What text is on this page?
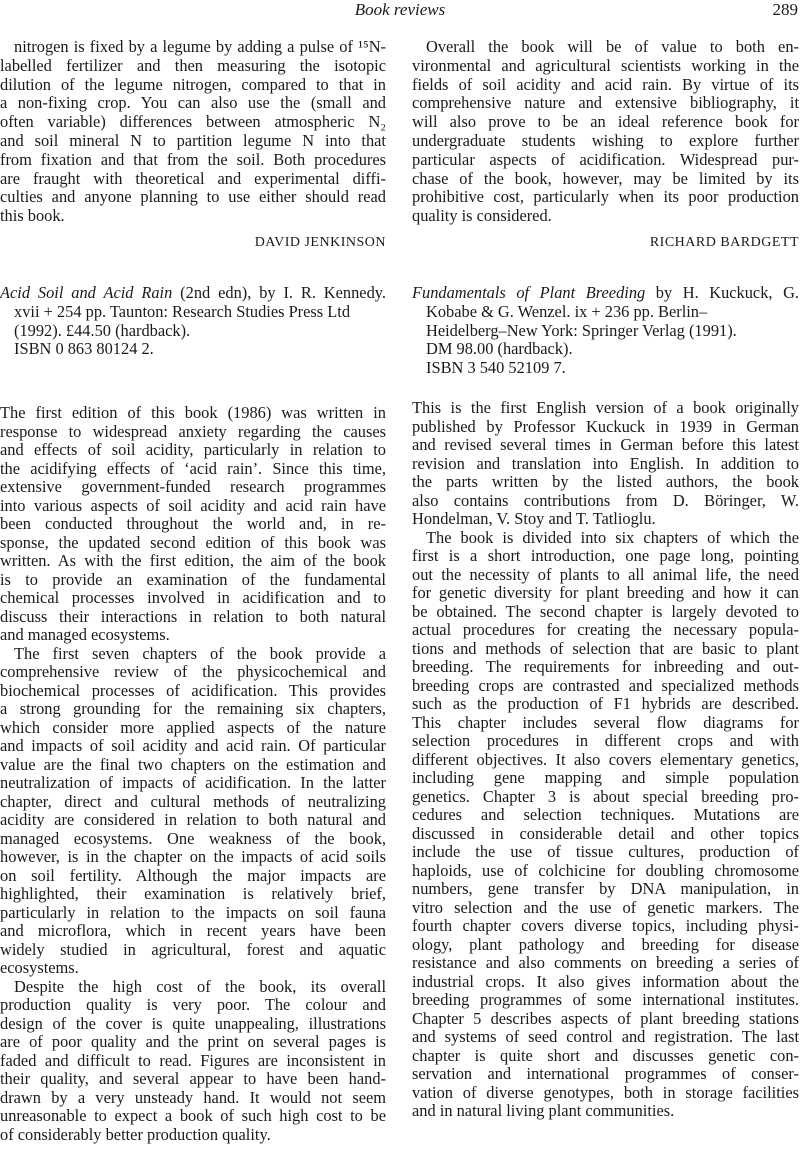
Book reviews	289
nitrogen is fixed by a legume by adding a pulse of ¹⁵N-
labelled fertilizer and then measuring the isotopic
dilution of the legume nitrogen, compared to that in
a non-fixing crop. You can also use the (small and
often variable) differences between atmospheric N₂
and soil mineral N to partition legume N into that
from fixation and that from the soil. Both procedures
are fraught with theoretical and experimental diffi-
culties and anyone planning to use either should read
this book.
DAVID JENKINSON
Acid Soil and Acid Rain (2nd edn), by I. R. Kennedy.
xvii + 254 pp. Taunton: Research Studies Press Ltd
(1992). £44.50 (hardback).
ISBN 0 863 80124 2.
The first edition of this book (1986) was written in
response to widespread anxiety regarding the causes
and effects of soil acidity, particularly in relation to
the acidifying effects of ‘acid rain’. Since this time,
extensive government-funded research programmes
into various aspects of soil acidity and acid rain have
been conducted throughout the world and, in re-
sponse, the updated second edition of this book was
written. As with the first edition, the aim of the book
is to provide an examination of the fundamental
chemical processes involved in acidification and to
discuss their interactions in relation to both natural
and managed ecosystems.
The first seven chapters of the book provide a
comprehensive review of the physicochemical and
biochemical processes of acidification. This provides
a strong grounding for the remaining six chapters,
which consider more applied aspects of the nature
and impacts of soil acidity and acid rain. Of particular
value are the final two chapters on the estimation and
neutralization of impacts of acidification. In the latter
chapter, direct and cultural methods of neutralizing
acidity are considered in relation to both natural and
managed ecosystems. One weakness of the book,
however, is in the chapter on the impacts of acid soils
on soil fertility. Although the major impacts are
highlighted, their examination is relatively brief,
particularly in relation to the impacts on soil fauna
and microflora, which in recent years have been
widely studied in agricultural, forest and aquatic
ecosystems.
Despite the high cost of the book, its overall
production quality is very poor. The colour and
design of the cover is quite unappealing, illustrations
are of poor quality and the print on several pages is
faded and difficult to read. Figures are inconsistent in
their quality, and several appear to have been hand-
drawn by a very unsteady hand. It would not seem
unreasonable to expect a book of such high cost to be
of considerably better production quality.
Overall the book will be of value to both en-
vironmental and agricultural scientists working in the
fields of soil acidity and acid rain. By virtue of its
comprehensive nature and extensive bibliography, it
will also prove to be an ideal reference book for
undergraduate students wishing to explore further
particular aspects of acidification. Widespread pur-
chase of the book, however, may be limited by its
prohibitive cost, particularly when its poor production
quality is considered.
RICHARD BARDGETT
Fundamentals of Plant Breeding by H. Kuckuck, G.
Kobabe & G. Wenzel. ix + 236 pp. Berlin–
Heidelberg–New York: Springer Verlag (1991).
DM 98.00 (hardback).
ISBN 3 540 52109 7.
This is the first English version of a book originally
published by Professor Kuckuck in 1939 in German
and revised several times in German before this latest
revision and translation into English. In addition to
the parts written by the listed authors, the book
also contains contributions from D. Böringer, W.
Hondelman, V. Stoy and T. Tatlioglu.
The book is divided into six chapters of which the
first is a short introduction, one page long, pointing
out the necessity of plants to all animal life, the need
for genetic diversity for plant breeding and how it can
be obtained. The second chapter is largely devoted to
actual procedures for creating the necessary popula-
tions and methods of selection that are basic to plant
breeding. The requirements for inbreeding and out-
breeding crops are contrasted and specialized methods
such as the production of F1 hybrids are described.
This chapter includes several flow diagrams for
selection procedures in different crops and with
different objectives. It also covers elementary genetics,
including gene mapping and simple population
genetics. Chapter 3 is about special breeding pro-
cedures and selection techniques. Mutations are
discussed in considerable detail and other topics
include the use of tissue cultures, production of
haploids, use of colchicine for doubling chromosome
numbers, gene transfer by DNA manipulation, in
vitro selection and the use of genetic markers. The
fourth chapter covers diverse topics, including physi-
ology, plant pathology and breeding for disease
resistance and also comments on breeding a series of
industrial crops. It also gives information about the
breeding programmes of some international institutes.
Chapter 5 describes aspects of plant breeding stations
and systems of seed control and registration. The last
chapter is quite short and discusses genetic con-
servation and international programmes of conser-
vation of diverse genotypes, both in storage facilities
and in natural living plant communities.
